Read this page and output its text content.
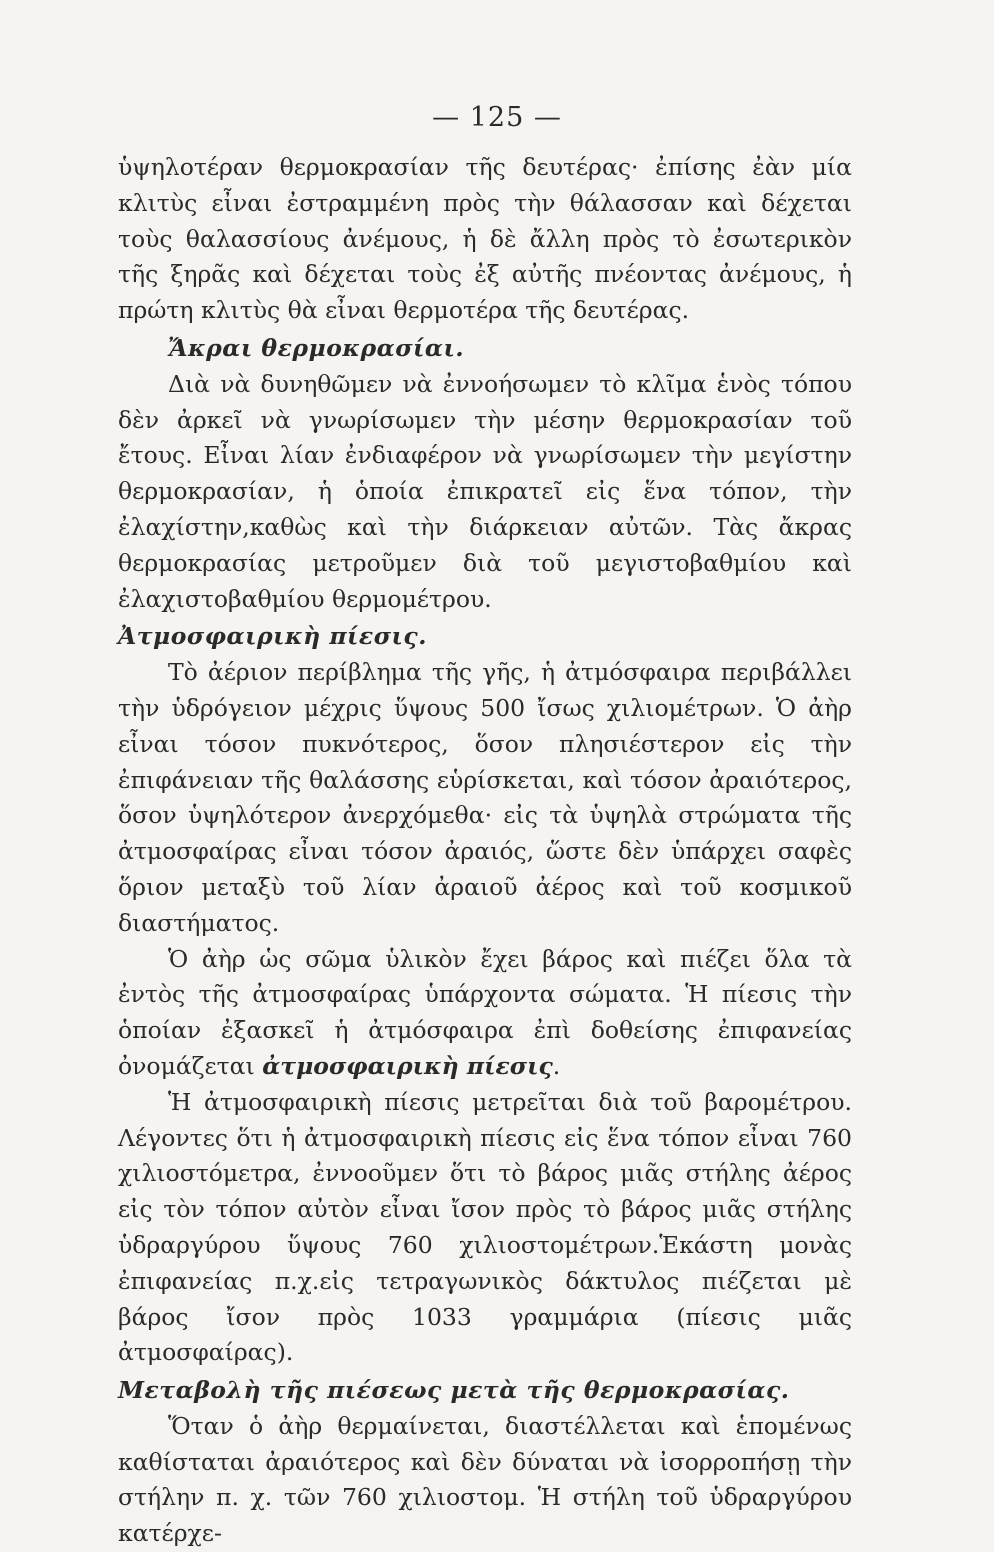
— 125 —

ὑψηλοτέραν θερμοκρασίαν τῆς δευτέρας· ἐπίσης ἐὰν μία κλιτὺς εἶναι ἐστραμμένη πρὸς τὴν θάλασσαν καὶ δέχεται τοὺς θαλασσίους ἀνέμους, ἡ δὲ ἄλλη πρὸς τὸ ἐσωτερικὸν τῆς ξηρᾶς καὶ δέχεται τοὺς ἐξ αὐτῆς πνέοντας ἀνέμους, ἡ πρώτη κλιτὺς θὰ εἶναι θερμοτέρα τῆς δευτέρας.

Ἄκραι θερμοκρασίαι.

Διὰ νὰ δυνηθῶμεν νὰ ἐννοήσωμεν τὸ κλῖμα ἑνὸς τόπου δὲν ἀρκεῖ νὰ γνωρίσωμεν τὴν μέσην θερμοκρασίαν τοῦ ἔτους. Εἶναι λίαν ἐνδιαφέρον νὰ γνωρίσωμεν τὴν μεγίστην θερμοκρασίαν, ἡ ὁποία ἐπικρατεῖ εἰς ἕνα τόπον, τὴν ἐλαχίστην,καθὼς καὶ τὴν διάρκειαν αὐτῶν. Τὰς ἄκρας θερμοκρασίας μετροῦμεν διὰ τοῦ μεγιστοβαθμίου καὶ ἐλαχιστοβαθμίου θερμομέτρου.

Ἀτμοσφαιρικὴ πίεσις.

Τὸ ἀέριον περίβλημα τῆς γῆς, ἡ ἀτμόσφαιρα περιβάλλει τὴν ὑδρόγειον μέχρις ὕψους 500 ἴσως χιλιομέτρων. Ὁ ἀὴρ εἶναι τόσον πυκνότερος, ὅσον πλησιέστερον εἰς τὴν ἐπιφάνειαν τῆς θαλάσσης εὑρίσκεται, καὶ τόσον ἀραιότερος, ὅσον ὑψηλότερον ἀνερχόμεθα· εἰς τὰ ὑψηλὰ στρώματα τῆς ἀτμοσφαίρας εἶναι τόσον ἀραιός, ὥστε δὲν ὑπάρχει σαφὲς ὅριον μεταξὺ τοῦ λίαν ἀραιοῦ ἀέρος καὶ τοῦ κοσμικοῦ διαστήματος.

Ὁ ἀὴρ ὡς σῶμα ὑλικὸν ἔχει βάρος καὶ πιέζει ὅλα τὰ ἐντὸς τῆς ἀτμοσφαίρας ὑπάρχοντα σώματα. Ἡ πίεσις τὴν ὁποίαν ἐξασκεῖ ἡ ἀτμόσφαιρα ἐπὶ δοθείσης ἐπιφανείας ὀνομάζεται ἀτμοσφαιρικὴ πίεσις.

Ἡ ἀτμοσφαιρικὴ πίεσις μετρεῖται διὰ τοῦ βαρομέτρου. Λέγοντες ὅτι ἡ ἀτμοσφαιρικὴ πίεσις εἰς ἕνα τόπον εἶναι 760 χιλιοστόμετρα, ἐννοοῦμεν ὅτι τὸ βάρος μιᾶς στήλης ἀέρος εἰς τὸν τόπον αὐτὸν εἶναι ἴσον πρὸς τὸ βάρος μιᾶς στήλης ὑδραργύρου ὕψους 760 χιλιοστομέτρων.Ἑκάστη μονὰς ἐπιφανείας π.χ.εἰς τετραγωνικὸς δάκτυλος πιέζεται μὲ βάρος ἴσον πρὸς 1033 γραμμάρια (πίεσις μιᾶς ἀτμοσφαίρας).

Μεταβολὴ τῆς πιέσεως μετὰ τῆς θερμοκρασίας.

Ὅταν ὁ ἀὴρ θερμαίνεται, διαστέλλεται καὶ ἑπομένως καθίσταται ἀραιότερος καὶ δὲν δύναται νὰ ἰσορροπήσῃ τὴν στήλην π. χ. τῶν 760 χιλιοστομ. Ἡ στήλη τοῦ ὑδραργύρου κατέρχε-
